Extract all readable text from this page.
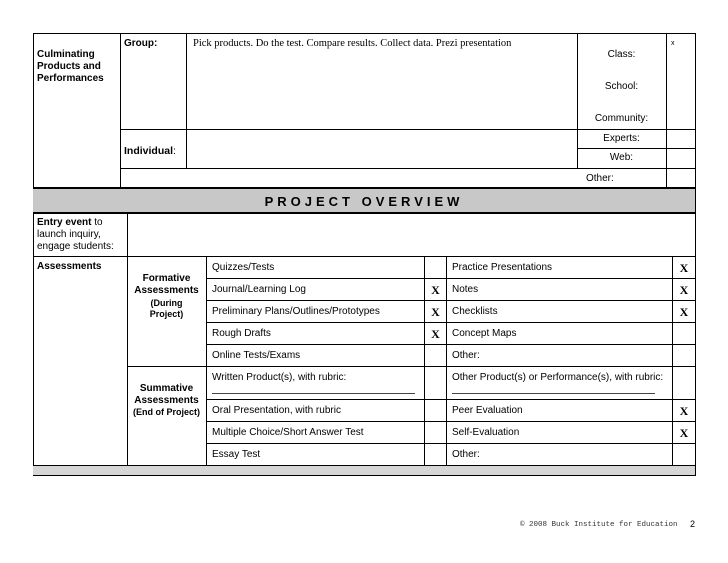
Culminating
Products and
Performances
Group:	Pick products. Do the test. Compare results. Collect data. Prezi presentation
Individual:
Class:
x
School:
Community:
Experts:
Web:
Other:
PROJECT OVERVIEW
Entry event to
launch inquiry,
engage students:
Assessments
Formative
Assessments
(During
Project)
Quizzes/Tests
Journal/Learning Log
Preliminary Plans/Outlines/Prototypes
Rough Drafts
Online Tests/Exams
X
X
X
Practice Presentations
Notes
Checklists
Concept Maps
Other:
X
X
X
Summative
Assessments
(End of Project)
Written Product(s), with rubric:
Oral Presentation, with rubric
Multiple Choice/Short Answer Test
Essay Test
Other Product(s) or Performance(s), with rubric:
Peer Evaluation
Self-Evaluation
Other:
X
X
© 2008 Buck Institute for Education 2
